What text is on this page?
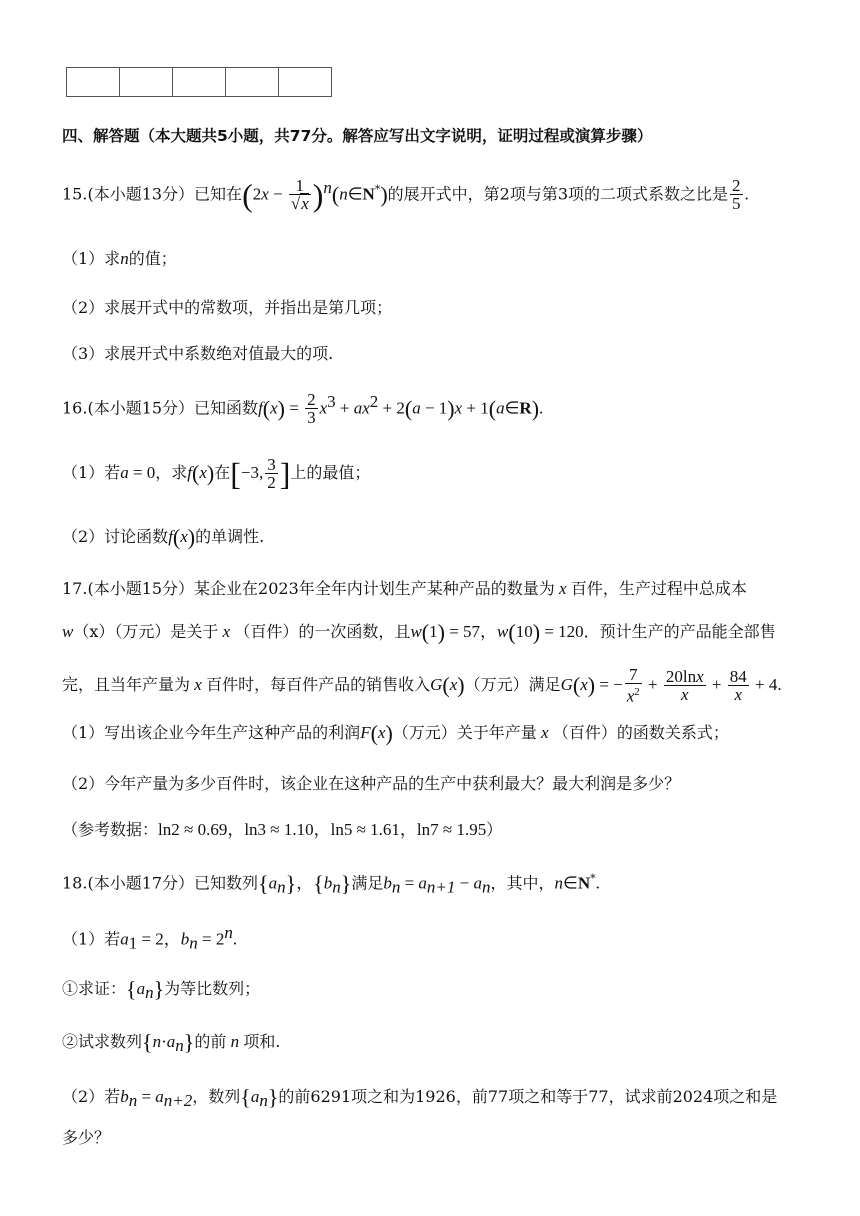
四、解答题（本大题共5小题，共77分。解答应写出文字说明，证明过程或演算步骤）
15.(本小题13分）已知在($2x - \frac{1}{√x}$ )$^n(n\in N^*)$的展开式中，第2项与第3项的二项式系数之比是 $\frac{2}{5}$ .
（1）求n的值；
（2）求展开式中的常数项，并指出是第几项；
（3）求展开式中系数绝对值最大的项.
16.(本小题15分）已知函数$f(x) = \frac{2}{3} x^3 + ax^2 + 2(a - 1)x$ + 1(a∈R).
（1）若a = 0，求f(x)在[−3, $\frac{3}{2}$ ]上的最值；
（2）讨论函数f(x)的单调性.
17.(本小题15分）某企业在2023年全年内计划生产某种产品的数量为 x 百件，生产过程中总成本
w（x）（万元）是关于 x （百件）的一次函数，且w(1) = 57，w(10) = 120．预计生产的产品能全部售
完，且当年产量为 x 百件时，每百件产品的销售收入G(x)（万元）满足G(x) = − $\frac{7}{x^2} + \frac{20\ln x}{x} + \frac{84}{x} + 4$.
（1）写出该企业今年生产这种产品的利润F(x)（万元）关于年产量 x （百件）的函数关系式；
（2）今年产量为多少百件时，该企业在这种产品的生产中获利最大？最大利润是多少？
（参考数据：ln2 ≈ 0.69，ln3 ≈ 1.10，ln5 ≈ 1.61，ln7 ≈ 1.95）
18.(本小题17分）已知数列$\{a_n\}$，$\{b_n\}$满足$b_n = a_{n+1} - a_n$，其中，n∈N*.
（1）若$a_1 = 2$，$b_n = 2^n$.
①求证：$\{a_n\}$为等比数列；
②试求数列$\{n\cdot a_n\}$的前 n 项和.
（2）若$b_n = a_{n+2}$，数列$\{a_n\}$的前6291项之和为1926，前77项之和等于77，试求前2024项之和是
多少？
